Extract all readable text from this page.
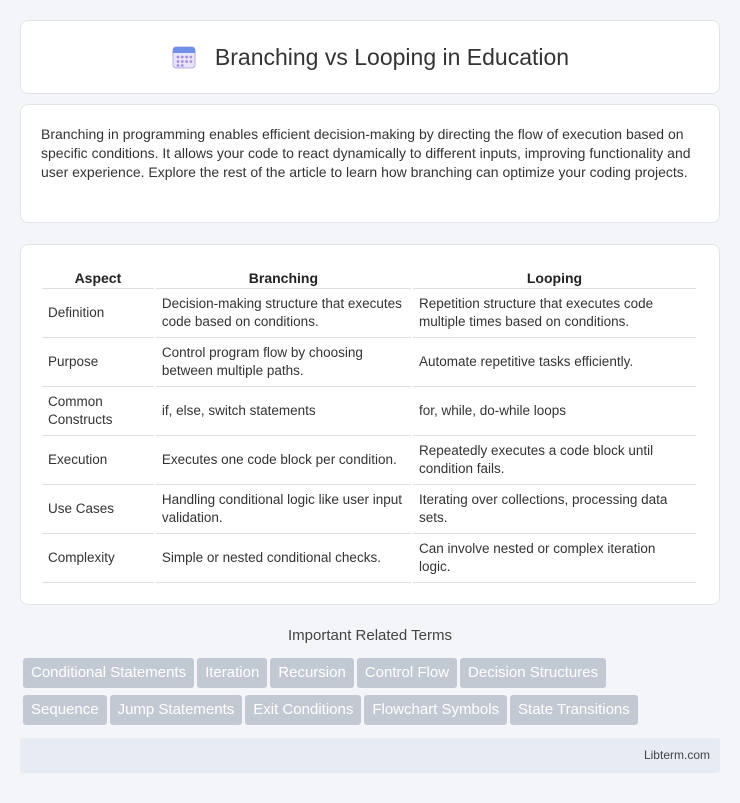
Branching vs Looping in Education

Branching in programming enables efficient decision-making by directing the flow of execution based on specific conditions. It allows your code to react dynamically to different inputs, improving functionality and user experience. Explore the rest of the article to learn how branching can optimize your coding projects.

Aspect	Branching	Looping
Definition	Decision-making structure that executes code based on conditions.	Repetition structure that executes code multiple times based on conditions.
Purpose	Control program flow by choosing between multiple paths.	Automate repetitive tasks efficiently.
Common Constructs	if, else, switch statements	for, while, do-while loops
Execution	Executes one code block per condition.	Repeatedly executes a code block until condition fails.
Use Cases	Handling conditional logic like user input validation.	Iterating over collections, processing data sets.
Complexity	Simple or nested conditional checks.	Can involve nested or complex iteration logic.
Important Related Terms
Conditional Statements Iteration Recursion Control Flow Decision Structures
Sequence Jump Statements Exit Conditions Flowchart Symbols State Transitions
Libterm.com
